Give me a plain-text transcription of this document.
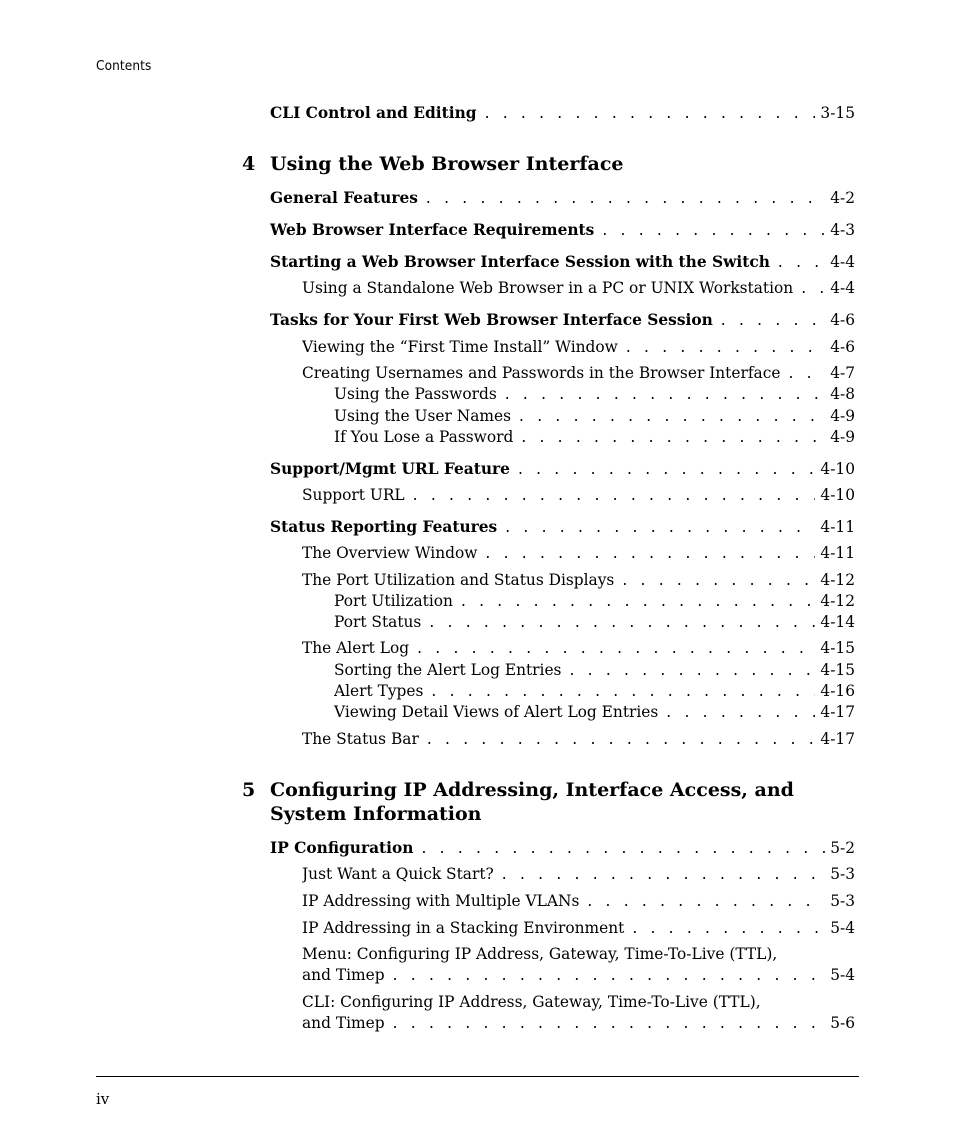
Contents
CLI Control and Editing . . .	3-15
4 Using the Web Browser Interface
General Features . . .	4-2
Web Browser Interface Requirements . . .	4-3
Starting a Web Browser Interface Session with the Switch . . .	4-4
Using a Standalone Web Browser in a PC or UNIX Workstation . . . 4-4
Tasks for Your First Web Browser Interface Session . . .	4-6
Viewing the “First Time Install” Window . . .	4-6
Creating Usernames and Passwords in the Browser Interface . . .	4-7
Using the Passwords . . .	4-8
Using the User Names . . .	4-9
If You Lose a Password . . .	4-9
Support/Mgmt URL Feature . . .	4-10
Support URL . . .	4-10
Status Reporting Features . . .	4-11
The Overview Window . . .	4-11
The Port Utilization and Status Displays . . .	4-12
Port Utilization . . .	4-12
Port Status . . .	4-14
The Alert Log . . .	4-15
Sorting the Alert Log Entries . . .	4-15
Alert Types . . .	4-16
Viewing Detail Views of Alert Log Entries . . .	4-17
The Status Bar . . .	4-17
5 Configuring IP Addressing, Interface Access, and System Information
IP Configuration . . .	5-2
Just Want a Quick Start? . . .	5-3
IP Addressing with Multiple VLANs . . .	5-3
IP Addressing in a Stacking Environment . . .	5-4
Menu: Configuring IP Address, Gateway, Time-To-Live (TTL),
and Timep . . .	5-4
CLI: Configuring IP Address, Gateway, Time-To-Live (TTL),
and Timep . . .	5-6
iv
